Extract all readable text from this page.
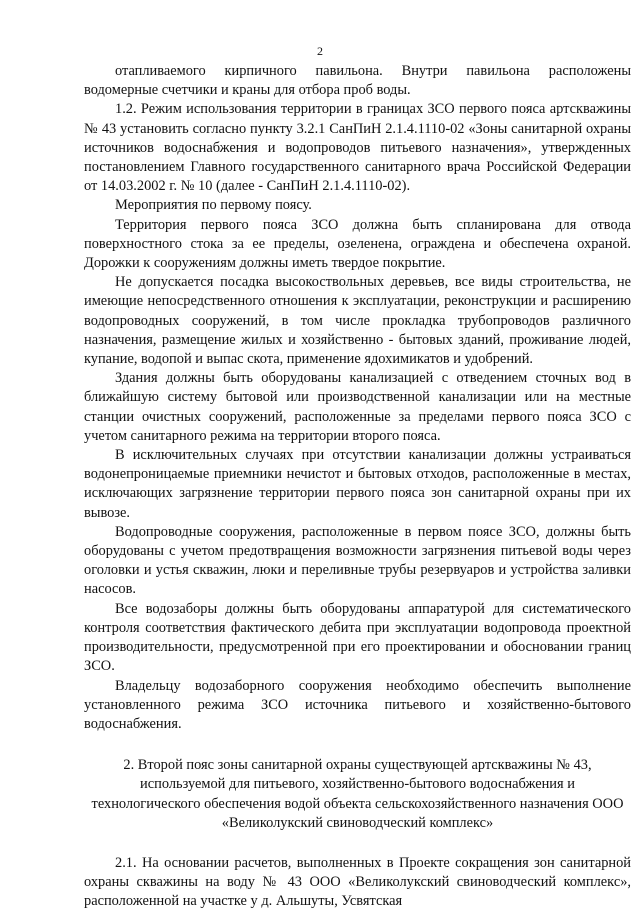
2

отапливаемого кирпичного павильона. Внутри павильона расположены водомерные счетчики и краны для отбора проб воды.

1.2. Режим использования территории в границах ЗСО первого пояса артскважины № 43 установить согласно пункту 3.2.1 СанПиН 2.1.4.1110-02 «Зоны санитарной охраны источников водоснабжения и водопроводов питьевого назначения», утвержденных постановлением Главного государственного санитарного врача Российской Федерации от 14.03.2002 г. № 10 (далее - СанПиН 2.1.4.1110-02).

Мероприятия по первому поясу.

Территория первого пояса ЗСО должна быть спланирована для отвода поверхностного стока за ее пределы, озеленена, ограждена и обеспечена охраной. Дорожки к сооружениям должны иметь твердое покрытие.

Не допускается посадка высокоствольных деревьев, все виды строительства, не имеющие непосредственного отношения к эксплуатации, реконструкции и расширению водопроводных сооружений, в том числе прокладка трубопроводов различного назначения, размещение жилых и хозяйственно - бытовых зданий, проживание людей, купание, водопой и выпас скота, применение ядохимикатов и удобрений.

Здания должны быть оборудованы канализацией с отведением сточных вод в ближайшую систему бытовой или производственной канализации или на местные станции очистных сооружений, расположенные за пределами первого пояса ЗСО с учетом санитарного режима на территории второго пояса.

В исключительных случаях при отсутствии канализации должны устраиваться водонепроницаемые приемники нечистот и бытовых отходов, расположенные в местах, исключающих загрязнение территории первого пояса зон санитарной охраны при их вывозе.

Водопроводные сооружения, расположенные в первом поясе ЗСО, должны быть оборудованы с учетом предотвращения возможности загрязнения питьевой воды через оголовки и устья скважин, люки и переливные трубы резервуаров и устройства заливки насосов.

Все водозаборы должны быть оборудованы аппаратурой для систематического контроля соответствия фактического дебита при эксплуатации водопровода проектной производительности, предусмотренной при его проектировании и обосновании границ ЗСО.

Владельцу водозаборного сооружения необходимо обеспечить выполнение установленного режима ЗСО источника питьевого и хозяйственно-бытового водоснабжения.

2. Второй пояс зоны санитарной охраны существующей артскважины № 43, используемой для питьевого, хозяйственно-бытового водоснабжения и технологического обеспечения водой объекта сельскохозяйственного назначения ООО «Великолукский свиноводческий комплекс»

2.1. На основании расчетов, выполненных в Проекте сокращения зон санитарной охраны скважины на воду № 43 ООО «Великолукский свиноводческий комплекс», расположенной на участке у д. Альшуты, Усвятская
